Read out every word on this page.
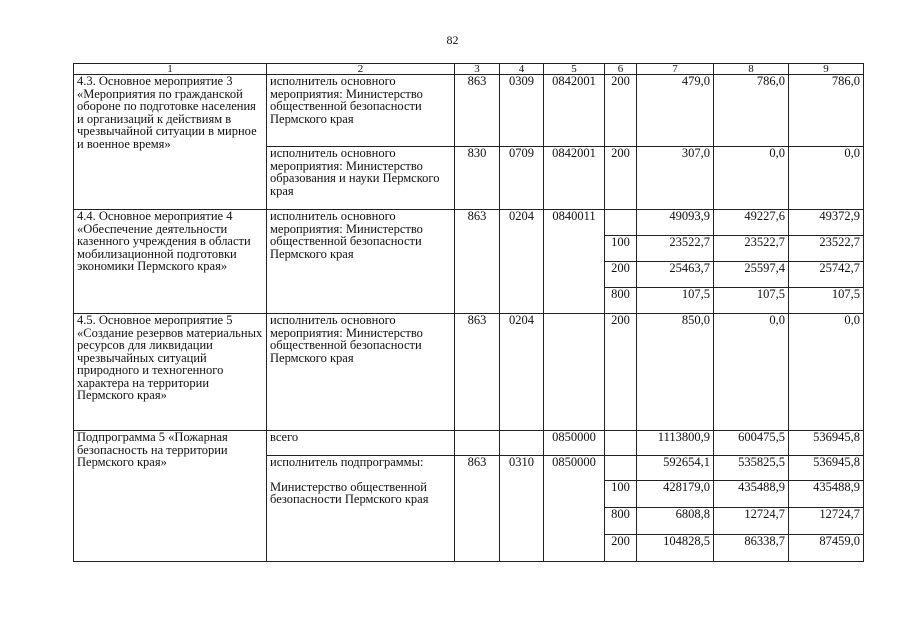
82
1	2	3	4	5	6	7	8	9
4.3. Основное мероприятие 3 «Мероприятия по гражданской обороне по подготовке населения и организаций к действиям в чрезвычайной ситуации в мирное и военное время»	исполнитель основного мероприятия: Министерство общественной безопасности Пермского края	863	0309	0842001	200	479,0	786,0	786,0
	исполнитель основного мероприятия: Министерство образования и науки Пермского края	830	0709	0842001	200	307,0	0,0	0,0
4.4. Основное мероприятие 4 «Обеспечение деятельности казенного учреждения в области мобилизационной подготовки экономики Пермского края»	исполнитель основного мероприятия: Министерство общественной безопасности Пермского края	863	0204	0840011		49093,9	49227,6	49372,9
					100	23522,7	23522,7	23522,7
					200	25463,7	25597,4	25742,7
					800	107,5	107,5	107,5
4.5. Основное мероприятие 5 «Создание резервов материальных ресурсов для ликвидации чрезвычайных ситуаций природного и техногенного характера на территории Пермского края»	исполнитель основного мероприятия: Министерство общественной безопасности Пермского края	863	0204		200	850,0	0,0	0,0
Подпрограмма 5 «Пожарная безопасность на территории Пермского края»	всего			0850000		1113800,9	600475,5	536945,8
	исполнитель подпрограммы:	863	0310	0850000		592654,1	535825,5	536945,8
	Министерство общественной безопасности Пермского края				100	428179,0	435488,9	435488,9
					800	6808,8	12724,7	12724,7
					200	104828,5	86338,7	87459,0
